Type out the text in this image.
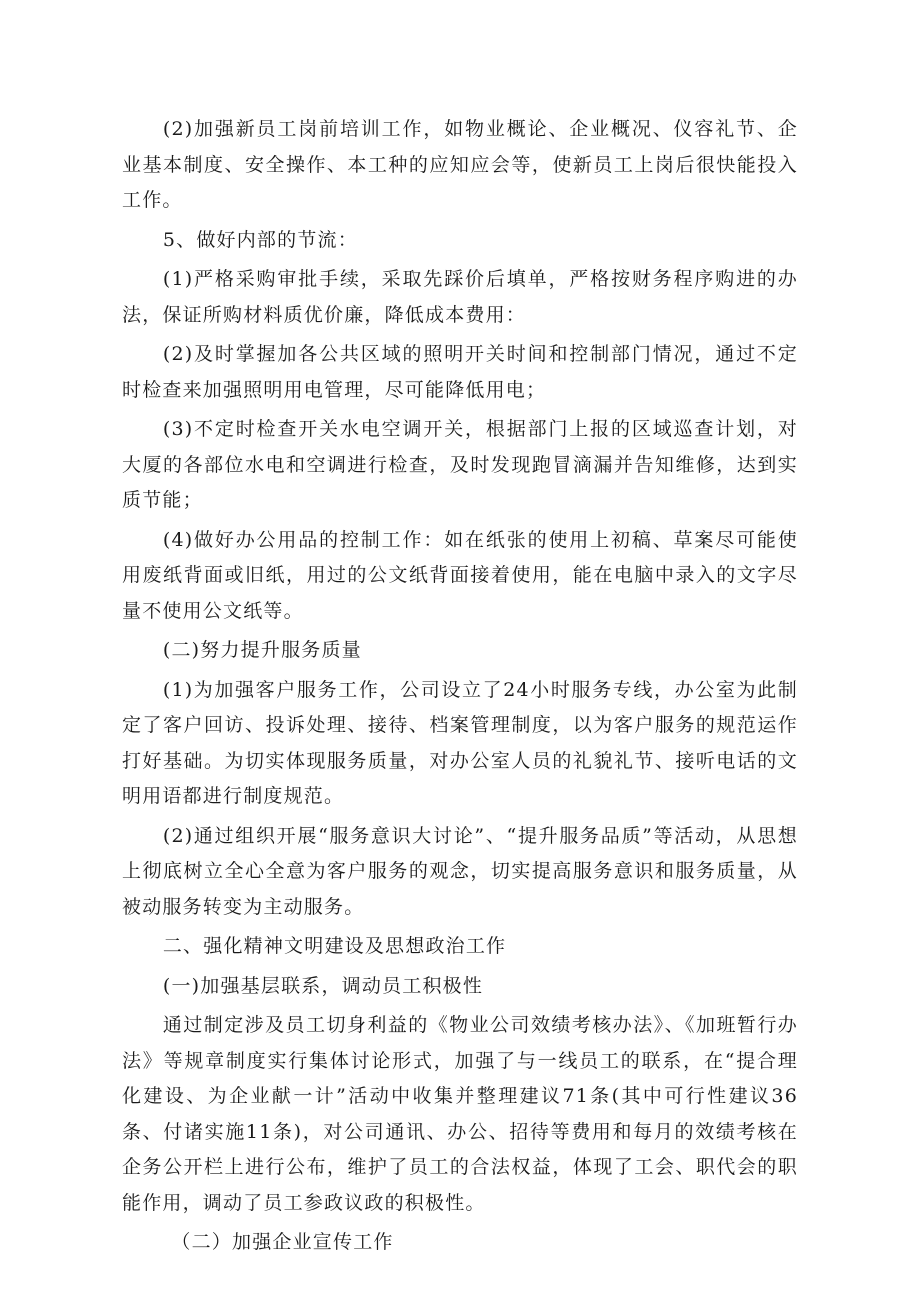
(2)加强新员工岗前培训工作，如物业概论、企业概况、仪容礼节、企业基本制度、安全操作、本工种的应知应会等，使新员工上岗后很快能投入工作。

5、做好内部的节流：

(1)严格采购审批手续，采取先踩价后填单，严格按财务程序购进的办法，保证所购材料质优价廉，降低成本费用：

(2)及时掌握加各公共区域的照明开关时间和控制部门情况，通过不定时检查来加强照明用电管理，尽可能降低用电；

(3)不定时检查开关水电空调开关，根据部门上报的区域巡查计划，对大厦的各部位水电和空调进行检查，及时发现跑冒滴漏并告知维修，达到实质节能；

(4)做好办公用品的控制工作：如在纸张的使用上初稿、草案尽可能使用废纸背面或旧纸，用过的公文纸背面接着使用，能在电脑中录入的文字尽量不使用公文纸等。

(二)努力提升服务质量

(1)为加强客户服务工作，公司设立了24小时服务专线，办公室为此制定了客户回访、投诉处理、接待、档案管理制度，以为客户服务的规范运作打好基础。为切实体现服务质量，对办公室人员的礼貌礼节、接听电话的文明用语都进行制度规范。

(2)通过组织开展“服务意识大讨论”、“提升服务品质”等活动，从思想上彻底树立全心全意为客户服务的观念，切实提高服务意识和服务质量，从被动服务转变为主动服务。

二、强化精神文明建设及思想政治工作

(一)加强基层联系，调动员工积极性

通过制定涉及员工切身利益的《物业公司效绩考核办法》、《加班暂行办法》等规章制度实行集体讨论形式，加强了与一线员工的联系，在“提合理化建设、为企业献一计”活动中收集并整理建议71条(其中可行性建议36条、付诸实施11条)，对公司通讯、办公、招待等费用和每月的效绩考核在企务公开栏上进行公布，维护了员工的合法权益，体现了工会、职代会的职能作用，调动了员工参政议政的积极性。

（二）加强企业宣传工作
